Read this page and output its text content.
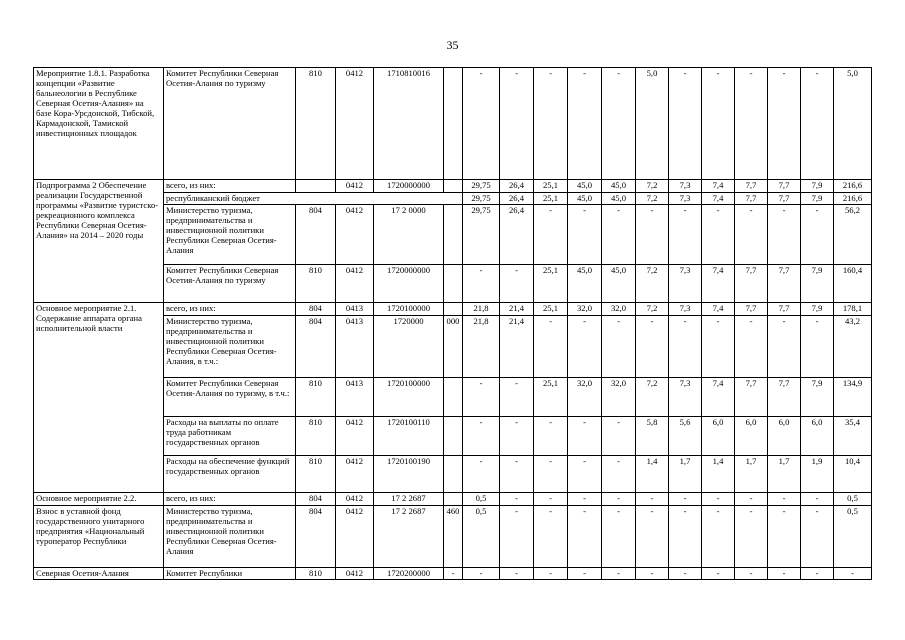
35
Мероприятие 1.8.1. Разработка концепции «Развитие бальнеологии в Республике Северная Осетия-Алания» на базе Кора-Урсдонской, Тибской, Кармадонской, Тамиской инвестиционных площадок	Комитет Республики Северная Осетия-Алания по туризму	810	0412	1710810016		-	-	-	-	-	5,0	-	-	-	-	-	5,0
Подпрограмма 2 Обеспечение реализации Государственной программы «Развитие туристско-рекреационного комплекса Республики Северная Осетия-Алания» на 2014 – 2020 годы	всего, из них:		0412	1720000000		29,75	26,4	25,1	45,0	45,0	7,2	7,3	7,4	7,7	7,7	7,9	216,6
	республиканский бюджет					29,75	26,4	25,1	45,0	45,0	7,2	7,3	7,4	7,7	7,7	7,9	216,6
	Министерство туризма, предпринимательства и инвестиционной политики Республики Северная Осетия-Алания	804	0412	17 2 0000		29,75	26,4	-	-	-	-	-	-	-	-	-	56,2
	Комитет Республики Северная Осетия-Алания по туризму	810	0412	1720000000		-	-	25,1	45,0	45,0	7,2	7,3	7,4	7,7	7,7	7,9	160,4
Основное мероприятие 2.1. Содержание аппарата органа исполнительной власти	всего, из них:	804	0413	1720100000		21,8	21,4	25,1	32,0	32,0	7,2	7,3	7,4	7,7	7,7	7,9	178,1
	Министерство туризма, предпринимательства и инвестиционной политики Республики Северная Осетия-Алания, в т.ч.:	804	0413	1720000	000	21,8	21,4	-	-	-	-	-	-	-	-	-	43,2
	Комитет Республики Северная Осетия-Алания по туризму, в т.ч.:	810	0413	1720100000		-	-	25,1	32,0	32,0	7,2	7,3	7,4	7,7	7,7	7,9	134,9
	Расходы на выплаты по оплате труда работникам государственных органов	810	0412	1720100110		-	-	-	-	-	5,8	5,6	6,0	6,0	6,0	6,0	35,4
	Расходы на обеспечение функций государственных органов	810	0412	1720100190		-	-	-	-	-	1,4	1,7	1,4	1,7	1,7	1,9	10,4
Основное мероприятие 2.2.	всего, из них:	804	0412	17 2 2687		0,5	-	-	-	-	-	-	-	-	-	-	0,5
Взнос в уставной фонд государственного унитарного предприятия «Национальный туроператор Республики	Министерство туризма, предпринимательства и инвестиционной политики Республики Северная Осетия-Алания	804	0412	17 2 2687	460	0,5	-	-	-	-	-	-	-	-	-	-	0,5
Северная Осетия-Алания	Комитет Республики	810	0412	1720200000	-	-	-	-	-	-	-	-	-	-	-	-	-
